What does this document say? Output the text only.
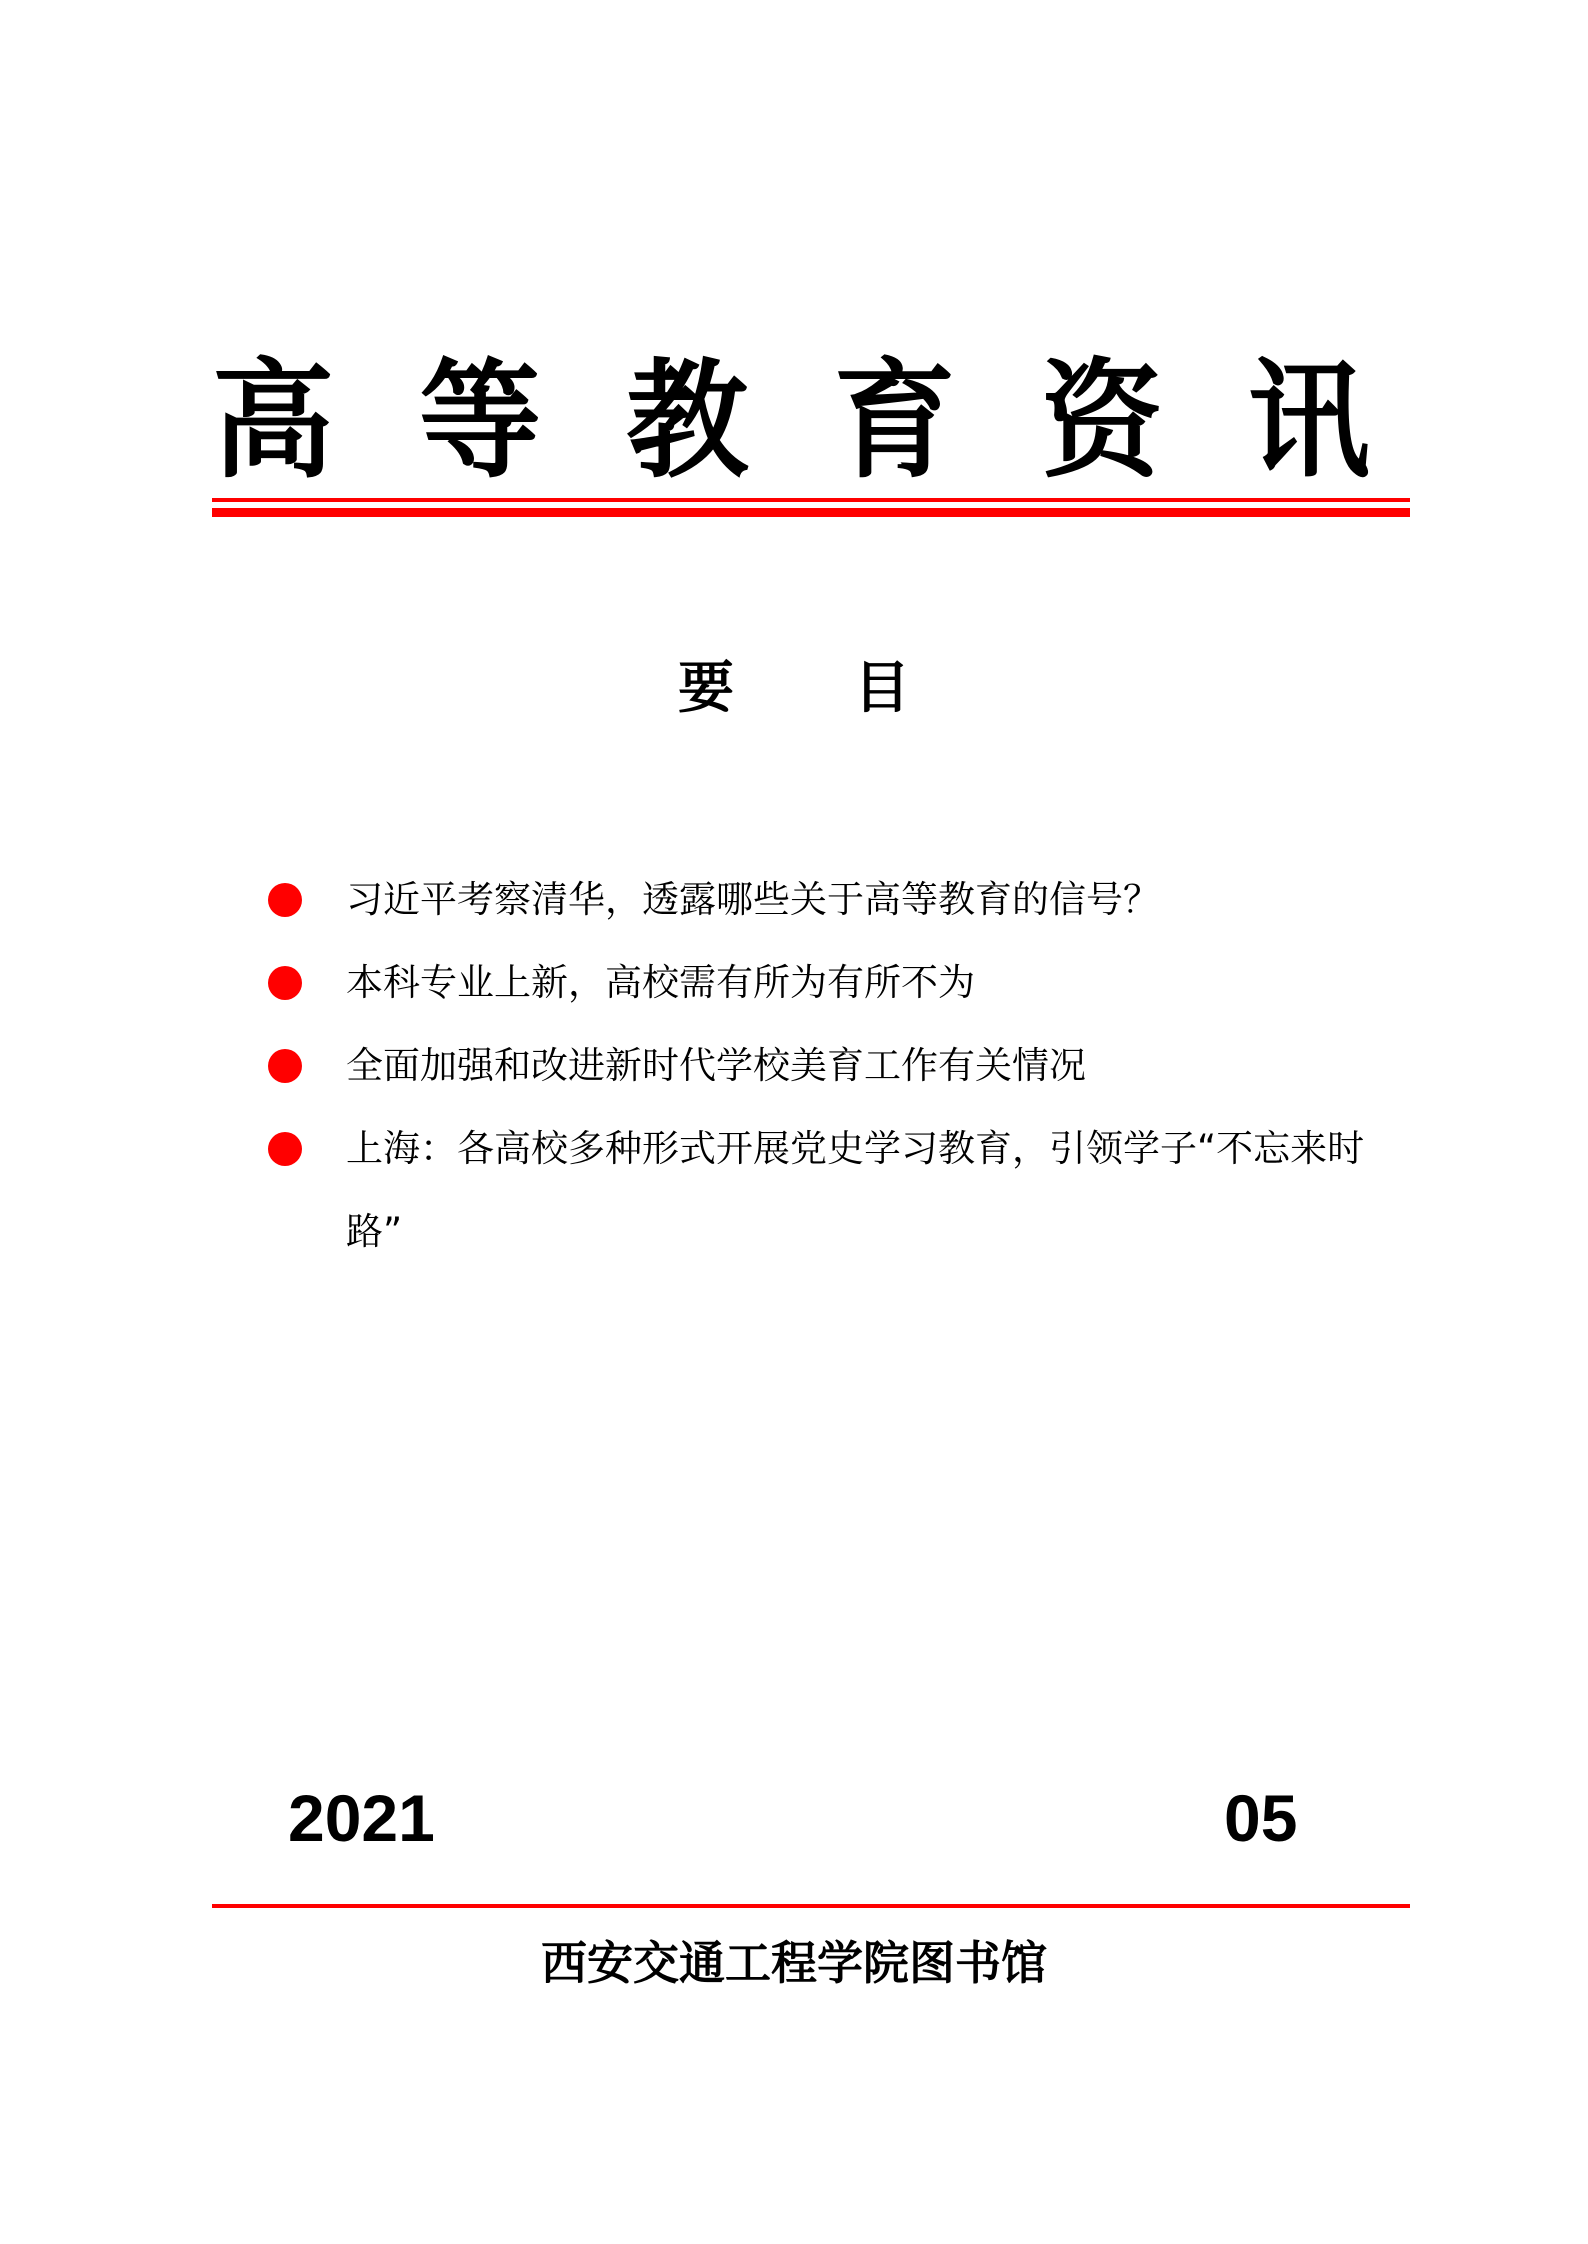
高 等 教 育 资 讯
要 目
习近平考察清华，透露哪些关于高等教育的信号？
本科专业上新，高校需有所为有所不为
全面加强和改进新时代学校美育工作有关情况
上海：各高校多种形式开展党史学习教育，引领学子“不忘来时路”
2021	05
西安交通工程学院图书馆
